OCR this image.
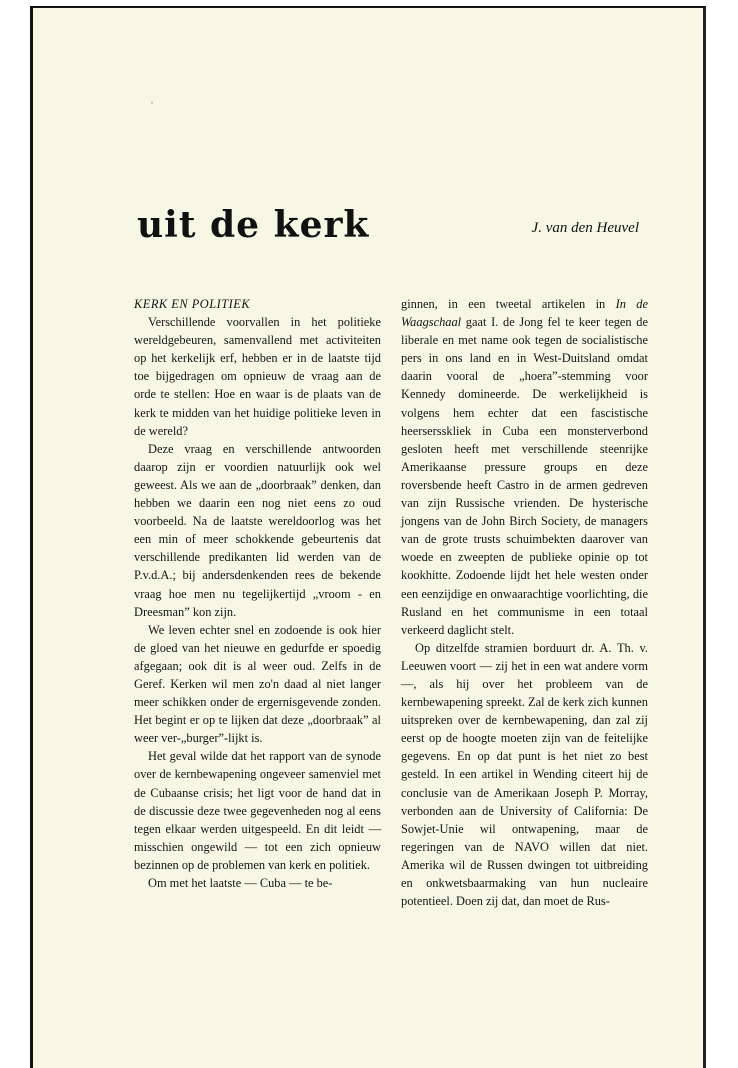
uit de kerk	J. van den Heuvel

KERK EN POLITIEK

Verschillende voorvallen in het politieke wereldgebeuren, samenvallend met activiteiten op het kerkelijk erf, hebben er in de laatste tijd toe bijgedragen om opnieuw de vraag aan de orde te stellen: Hoe en waar is de plaats van de kerk te midden van het huidige politieke leven in de wereld?

Deze vraag en verschillende antwoorden daarop zijn er voordien natuurlijk ook wel geweest. Als we aan de „doorbraak” denken, dan hebben we daarin een nog niet eens zo oud voorbeeld. Na de laatste wereldoorlog was het een min of meer schokkende gebeurtenis dat verschillende predikanten lid werden van de P.v.d.A.; bij andersdenkenden rees de bekende vraag hoe men nu tegelijkertijd „vroom - en Dreesman” kon zijn.

We leven echter snel en zodoende is ook hier de gloed van het nieuwe en gedurfde er spoedig afgegaan; ook dit is al weer oud. Zelfs in de Geref. Kerken wil men zo'n daad al niet langer meer schikken onder de ergernisgevende zonden. Het begint er op te lijken dat deze „doorbraak” al weer ver-„burger”-lijkt is.

Het geval wilde dat het rapport van de synode over de kernbewapening ongeveer samenviel met de Cubaanse crisis; het ligt voor de hand dat in de discussie deze twee gegevenheden nog al eens tegen elkaar werden uitgespeeld. En dit leidt — misschien ongewild — tot een zich opnieuw bezinnen op de problemen van kerk en politiek.

Om met het laatste — Cuba — te be-

ginnen, in een tweetal artikelen in In de Waagschaal gaat I. de Jong fel te keer tegen de liberale en met name ook tegen de socialistische pers in ons land en in West-Duitsland omdat daarin vooral de „hoera”-stemming voor Kennedy domineerde. De werkelijkheid is volgens hem echter dat een fascistische heersersskliek in Cuba een monsterverbond gesloten heeft met verschillende steenrijke Amerikaanse pressure groups en deze roversbende heeft Castro in de armen gedreven van zijn Russische vrienden. De hysterische jongens van de John Birch Society, de managers van de grote trusts schuimbekten daarover van woede en zweepten de publieke opinie op tot kookhitte. Zodoende lijdt het hele westen onder een eenzijdige en onwaarachtige voorlichting, die Rusland en het communisme in een totaal verkeerd daglicht stelt.

Op ditzelfde stramien borduurt dr. A. Th. v. Leeuwen voort — zij het in een wat andere vorm —, als hij over het probleem van de kernbewapening spreekt. Zal de kerk zich kunnen uitspreken over de kernbewapening, dan zal zij eerst op de hoogte moeten zijn van de feitelijke gegevens. En op dat punt is het niet zo best gesteld. In een artikel in Wending citeert hij de conclusie van de Amerikaan Joseph P. Morray, verbonden aan de University of California: De Sowjet-Unie wil ontwapening, maar de regeringen van de NAVO willen dat niet. Amerika wil de Russen dwingen tot uitbreiding en onkwetsbaarmaking van hun nucleaire potentieel. Doen zij dat, dan moet de Rus-
